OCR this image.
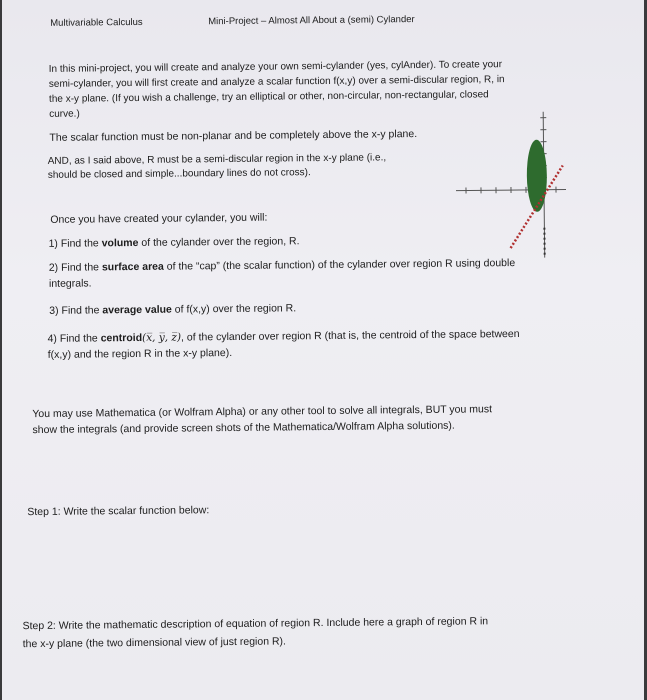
Multivariable Calculus	Mini-Project – Almost All About a (semi) Cylander
In this mini-project, you will create and analyze your own semi-cylander (yes, cylAnder). To create your
semi-cylander, you will first create and analyze a scalar function f(x,y) over a semi-discular region, R, in
the x-y plane. (If you wish a challenge, try an elliptical or other, non-circular, non-rectangular, closed
curve.)
The scalar function must be non-planar and be completely above the x-y plane.
AND, as I said above, R must be a semi-discular region in the x-y plane (i.e.,
should be closed and simple...boundary lines do not cross).
Once you have created your cylander, you will:
1) Find the volume of the cylander over the region, R.
2) Find the surface area of the “cap” (the scalar function) of the cylander over region R using double
integrals.
3) Find the average value of f(x,y) over the region R.
4) Find the centroid(x̅, y̅, z̅), of the cylander over region R (that is, the centroid of the space between
f(x,y) and the region R in the x-y plane).
You may use Mathematica (or Wolfram Alpha) or any other tool to solve all integrals, BUT you must
show the integrals (and provide screen shots of the Mathematica/Wolfram Alpha solutions).
Step 1: Write the scalar function below:
Step 2: Write the mathematic description of equation of region R. Include here a graph of region R in
the x-y plane (the two dimensional view of just region R).
